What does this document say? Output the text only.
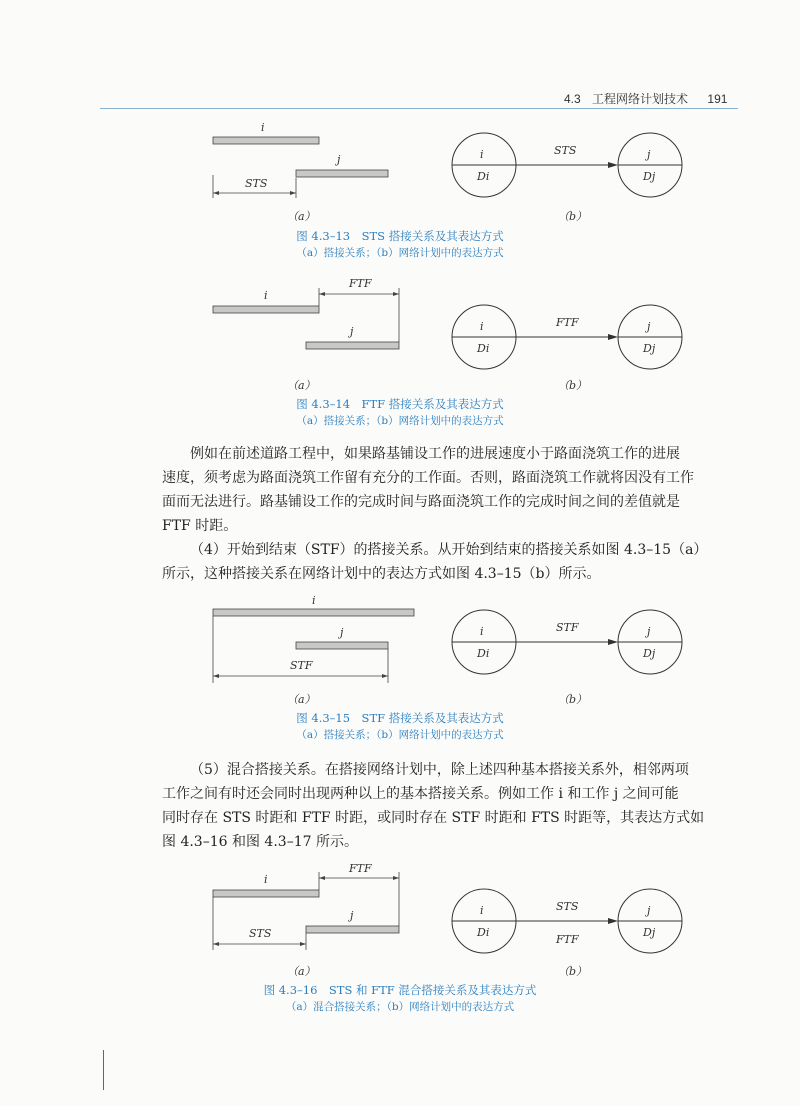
4.3 工程网络计划技术 191
i
j
STS
（a）	（b）
i
Di
j
Dj
STS
图 4.3–13　STS 搭接关系及其表达方式
（a）搭接关系；（b）网络计划中的表达方式
i
j
FTF
（a）	（b）
i
Di
j
Dj
FTF
图 4.3–14　FTF 搭接关系及其表达方式
（a）搭接关系；（b）网络计划中的表达方式
例如在前述道路工程中，如果路基铺设工作的进展速度小于路面浇筑工作的进展
速度，须考虑为路面浇筑工作留有充分的工作面。否则，路面浇筑工作就将因没有工作
面而无法进行。路基铺设工作的完成时间与路面浇筑工作的完成时间之间的差值就是
FTF 时距。
（4）开始到结束（STF）的搭接关系。从开始到结束的搭接关系如图 4.3–15（a）
所示，这种搭接关系在网络计划中的表达方式如图 4.3–15（b）所示。
i
j
STF
（a）	（b）
i
Di
j
Dj
STF
图 4.3–15　STF 搭接关系及其表达方式
（a）搭接关系；（b）网络计划中的表达方式
（5）混合搭接关系。在搭接网络计划中，除上述四种基本搭接关系外，相邻两项
工作之间有时还会同时出现两种以上的基本搭接关系。例如工作 i 和工作 j 之间可能
同时存在 STS 时距和 FTF 时距，或同时存在 STF 时距和 FTS 时距等，其表达方式如
图 4.3–16 和图 4.3–17 所示。
i
j
FTF
STS
（a）	（b）
i
Di
j
Dj
STS
FTF
图 4.3–16　STS 和 FTF 混合搭接关系及其表达方式
（a）混合搭接关系；（b）网络计划中的表达方式
